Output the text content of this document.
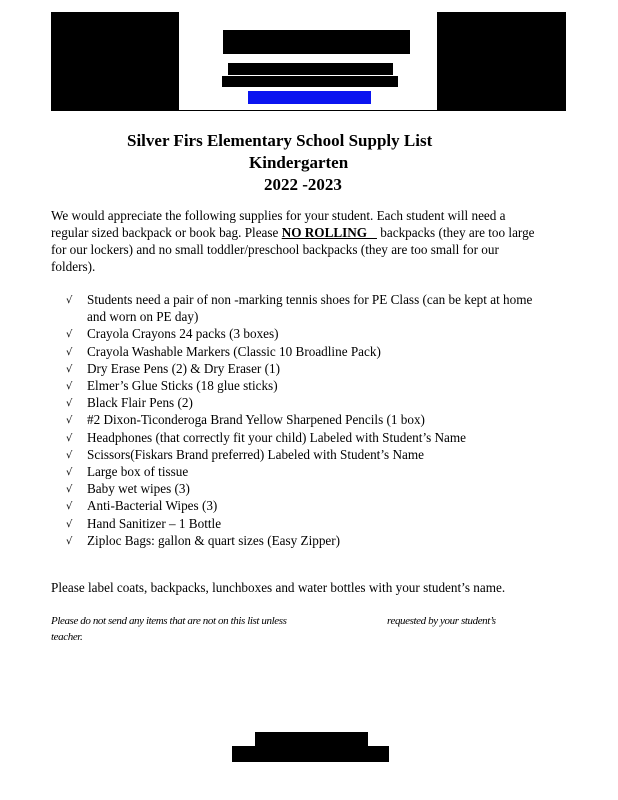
Silver Firs Elementary School Supply List
Kindergarten
2022 -2023
We would appreciate the following supplies for your student. Each student will need a
regular sized backpack or book bag. Please NO ROLLING    backpacks (they are too large
for our lockers) and no small toddler/preschool backpacks (they are too small for our
folders).
√ Students need a pair of non -marking tennis shoes for PE Class (can be kept at home
and worn on PE day)
√ Crayola Crayons 24 packs (3 boxes)
√ Crayola Washable Markers (Classic 10 Broadline Pack)
√ Dry Erase Pens (2) & Dry Eraser (1)
√ Elmer’s Glue Sticks (18 glue sticks)
√ Black Flair Pens (2)
√ #2 Dixon-Ticonderoga Brand Yellow Sharpened Pencils (1 box)
√ Headphones (that correctly fit your child) Labeled with Student’s Name
√ Scissors(Fiskars Brand preferred) Labeled with Student’s Name
√ Large box of tissue
√ Baby wet wipes (3)
√ Anti-Bacterial Wipes (3)
√ Hand Sanitizer – 1 Bottle
√ Ziploc Bags: gallon & quart sizes (Easy Zipper)
Please label coats, backpacks, lunchboxes and water bottles with your student’s name.
Please do not send any items that are not on this list unless	requested by your student’s
teacher.
